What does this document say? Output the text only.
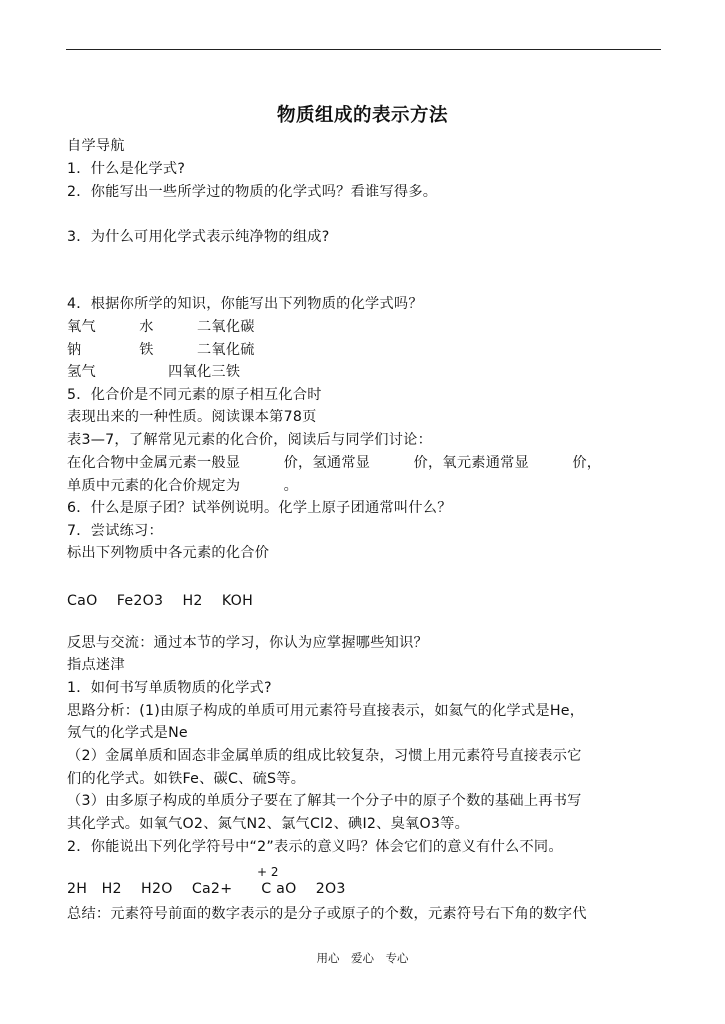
物质组成的表示方法
自学导航
1．什么是化学式?
2．你能写出一些所学过的物质的化学式吗？看谁写得多。
3．为什么可用化学式表示纯净物的组成?
4．根据你所学的知识，你能写出下列物质的化学式吗？
氧气　　　水　　　二氧化碳
钠　　　　铁　　　二氧化硫
氢气　　　　　四氧化三铁
5．化合价是不同元素的原子相互化合时
表现出来的一种性质。阅读课本第78页
表3—7，了解常见元素的化合价，阅读后与同学们讨论：
在化合物中金属元素一般显　　　价，氢通常显　　　价，氧元素通常显　　　价，
单质中元素的化合价规定为　　　。
6．什么是原子团？试举例说明。化学上原子团通常叫什么？
7．尝试练习：
标出下列物质中各元素的化合价
CaO　 Fe2O3　 H2　 KOH
反思与交流：通过本节的学习，你认为应掌握哪些知识？
指点迷津
1．如何书写单质物质的化学式?
思路分析：(1)由原子构成的单质可用元素符号直接表示，如氦气的化学式是He，
氖气的化学式是Ne
（2）金属单质和固态非金属单质的组成比较复杂，习惯上用元素符号直接表示它
们的化学式。如铁Fe、碳C、硫S等。
（3）由多原子构成的单质分子要在了解其一个分子中的原子个数的基础上再书写
其化学式。如氧气O2、氮气N2、氯气Cl2、碘I2、臭氧O3等。
2．你能说出下列化学符号中“2”表示的意义吗？体会它们的意义有什么不同。
+ 2
2H　H2　 H2O　 Ca2+　　C aO　 2O3
总结：元素符号前面的数字表示的是分子或原子的个数，元素符号右下角的数字代
用心　爱心　专心
